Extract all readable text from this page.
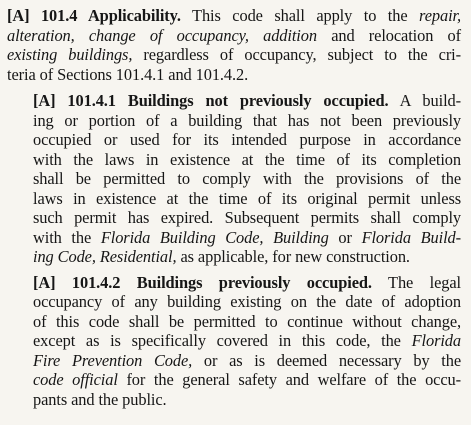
[A] 101.4 Applicability. This code shall apply to the repair,
alteration, change of occupancy, addition and relocation of
existing buildings, regardless of occupancy, subject to the cri-
teria of Sections 101.4.1 and 101.4.2.
[A] 101.4.1 Buildings not previously occupied. A build-
ing or portion of a building that has not been previously
occupied or used for its intended purpose in accordance
with the laws in existence at the time of its completion
shall be permitted to comply with the provisions of the
laws in existence at the time of its original permit unless
such permit has expired. Subsequent permits shall comply
with the Florida Building Code, Building or Florida Build-
ing Code, Residential, as applicable, for new construction.
[A] 101.4.2 Buildings previously occupied. The legal
occupancy of any building existing on the date of adoption
of this code shall be permitted to continue without change,
except as is specifically covered in this code, the Florida
Fire Prevention Code, or as is deemed necessary by the
code official for the general safety and welfare of the occu-
pants and the public.
